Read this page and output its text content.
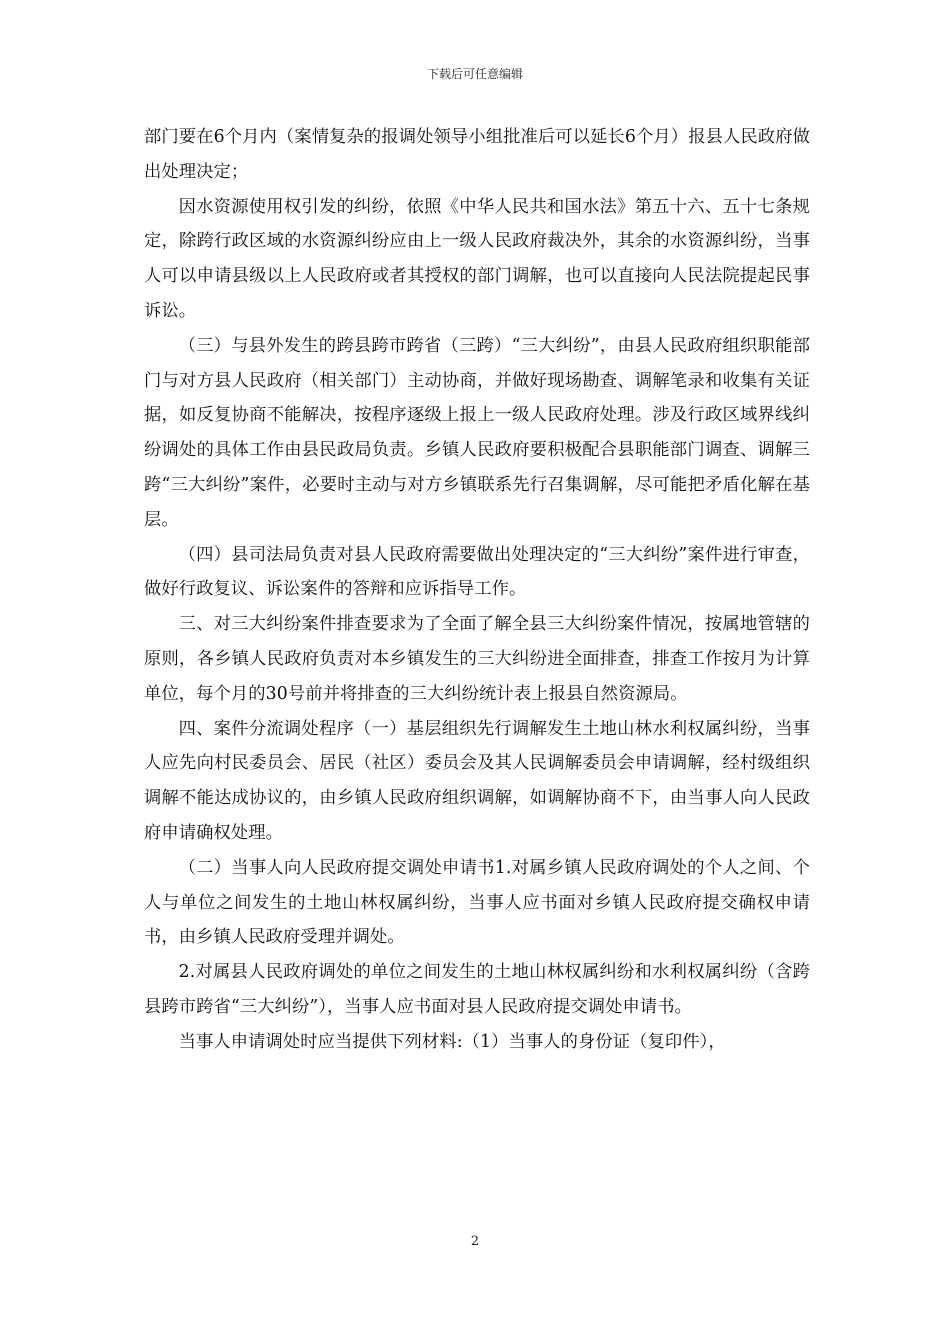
下载后可任意编辑

部门要在6个月内（案情复杂的报调处领导小组批准后可以延长6个月）报县人民政府做出处理决定；

因水资源使用权引发的纠纷，依照《中华人民共和国水法》第五十六、五十七条规定，除跨行政区域的水资源纠纷应由上一级人民政府裁决外，其余的水资源纠纷，当事人可以申请县级以上人民政府或者其授权的部门调解，也可以直接向人民法院提起民事诉讼。

（三）与县外发生的跨县跨市跨省（三跨）“三大纠纷”，由县人民政府组织职能部门与对方县人民政府（相关部门）主动协商，并做好现场勘查、调解笔录和收集有关证据，如反复协商不能解决，按程序逐级上报上一级人民政府处理。涉及行政区域界线纠纷调处的具体工作由县民政局负责。乡镇人民政府要积极配合县职能部门调查、调解三跨“三大纠纷”案件，必要时主动与对方乡镇联系先行召集调解，尽可能把矛盾化解在基层。

（四）县司法局负责对县人民政府需要做出处理决定的“三大纠纷”案件进行审查，做好行政复议、诉讼案件的答辩和应诉指导工作。

三、对三大纠纷案件排查要求为了全面了解全县三大纠纷案件情况，按属地管辖的原则，各乡镇人民政府负责对本乡镇发生的三大纠纷进全面排查，排查工作按月为计算单位，每个月的30号前并将排查的三大纠纷统计表上报县自然资源局。

四、案件分流调处程序（一）基层组织先行调解发生土地山林水利权属纠纷，当事人应先向村民委员会、居民（社区）委员会及其人民调解委员会申请调解，经村级组织调解不能达成协议的，由乡镇人民政府组织调解，如调解协商不下，由当事人向人民政府申请确权处理。

（二）当事人向人民政府提交调处申请书1.对属乡镇人民政府调处的个人之间、个人与单位之间发生的土地山林权属纠纷，当事人应书面对乡镇人民政府提交确权申请书，由乡镇人民政府受理并调处。

2.对属县人民政府调处的单位之间发生的土地山林权属纠纷和水利权属纠纷（含跨县跨市跨省“三大纠纷”），当事人应书面对县人民政府提交调处申请书。

当事人申请调处时应当提供下列材料:（1）当事人的身份证（复印件），

2
